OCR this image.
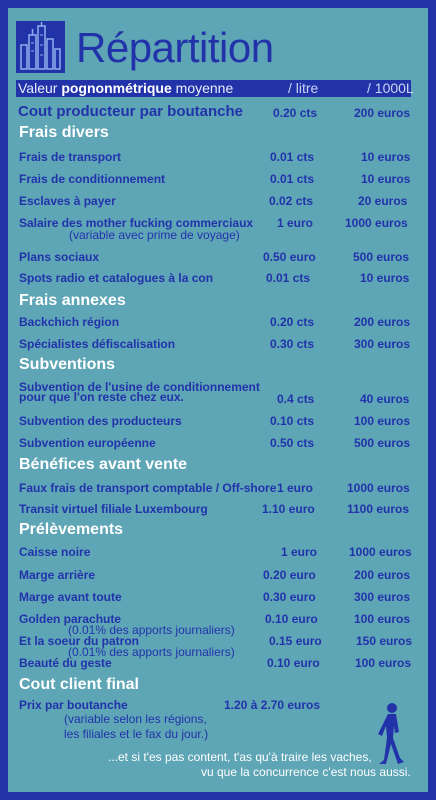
Répartition
Valeur pognonmétrique moyenne	/ litre	/ 1000L
Cout producteur par boutanche	0.20 cts	200 euros
Frais divers
Frais de transport	0.01 cts	10 euros
Frais de conditionnement	0.01 cts	10 euros
Esclaves à payer	0.02 cts	20 euros
Salaire des mother fucking commerciaux 1 euro	1000 euros
(variable avec prime de voyage)
Plans sociaux	0.50 euro	500 euros
Spots radio et catalogues à la con	0.01 cts	10 euros
Frais annexes
Backchich région	0.20 cts	200 euros
Spécialistes défiscalisation	0.30 cts	300 euros
Subventions
Subvention de l'usine de conditionnement
pour que l'on reste chez eux.	0.4 cts	40 euros
Subvention des producteurs	0.10 cts	100 euros
Subvention européenne	0.50 cts	500 euros
Bénéfices avant vente
Faux frais de transport comptable / Off-shore 1 euro	1000 euros
Transit virtuel filiale Luxembourg	1.10 euro	1100 euros
Prélèvements
Caisse noire	1 euro	1000 euros
Marge arrière	0.20 euro	200 euros
Marge avant toute	0.30 euro	300 euros
Golden parachute	0.10 euro	100 euros
(0.01% des apports journaliers)
Et la soeur du patron	0.15 euro	150 euros
(0.01% des apports journaliers)
Beauté du geste	0.10 euro	100 euros
Cout client final
Prix par boutanche	1.20 à 2.70 euros
(variable selon les régions,
les filiales et le fax du jour.)
...et si t'es pas content, t'as qu'à traire les vaches,
vu que la concurrence c'est nous aussi.
